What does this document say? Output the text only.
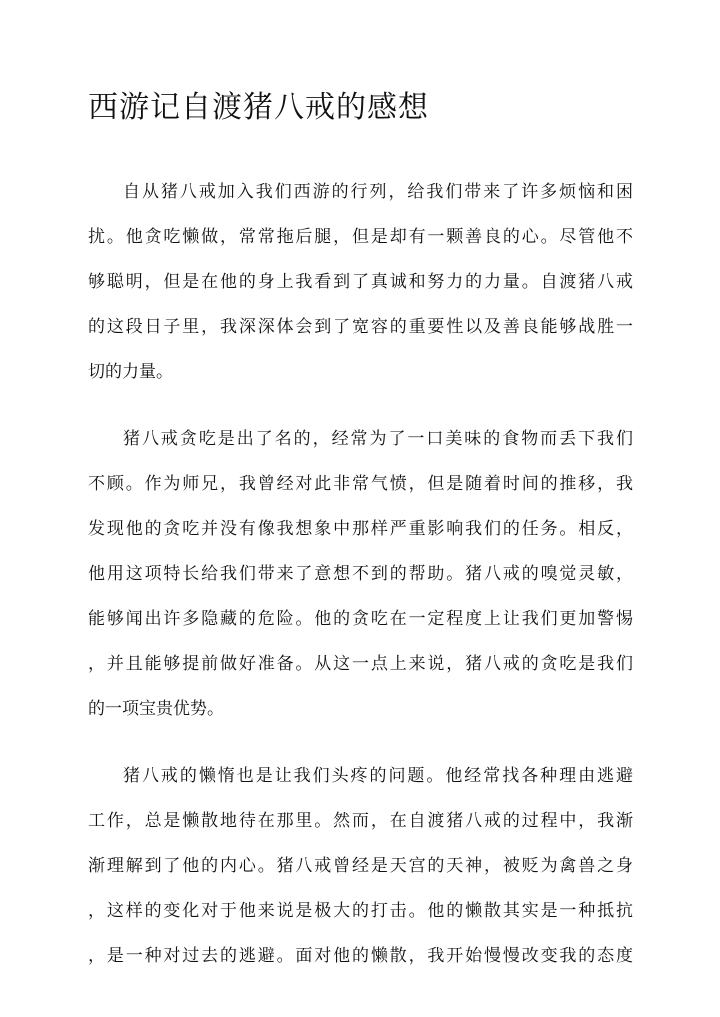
西游记自渡猪八戒的感想
自从猪八戒加入我们西游的行列，给我们带来了许多烦恼和困
扰。他贪吃懒做，常常拖后腿，但是却有一颗善良的心。尽管他不
够聪明，但是在他的身上我看到了真诚和努力的力量。自渡猪八戒
的这段日子里，我深深体会到了宽容的重要性以及善良能够战胜一
切的力量。
猪八戒贪吃是出了名的，经常为了一口美味的食物而丢下我们
不顾。作为师兄，我曾经对此非常气愤，但是随着时间的推移，我
发现他的贪吃并没有像我想象中那样严重影响我们的任务。相反，
他用这项特长给我们带来了意想不到的帮助。猪八戒的嗅觉灵敏，
能够闻出许多隐藏的危险。他的贪吃在一定程度上让我们更加警惕
，并且能够提前做好准备。从这一点上来说，猪八戒的贪吃是我们
的一项宝贵优势。
猪八戒的懒惰也是让我们头疼的问题。他经常找各种理由逃避
工作，总是懒散地待在那里。然而，在自渡猪八戒的过程中，我渐
渐理解到了他的内心。猪八戒曾经是天宫的天神，被贬为禽兽之身
，这样的变化对于他来说是极大的打击。他的懒散其实是一种抵抗
，是一种对过去的逃避。面对他的懒散，我开始慢慢改变我的态度
